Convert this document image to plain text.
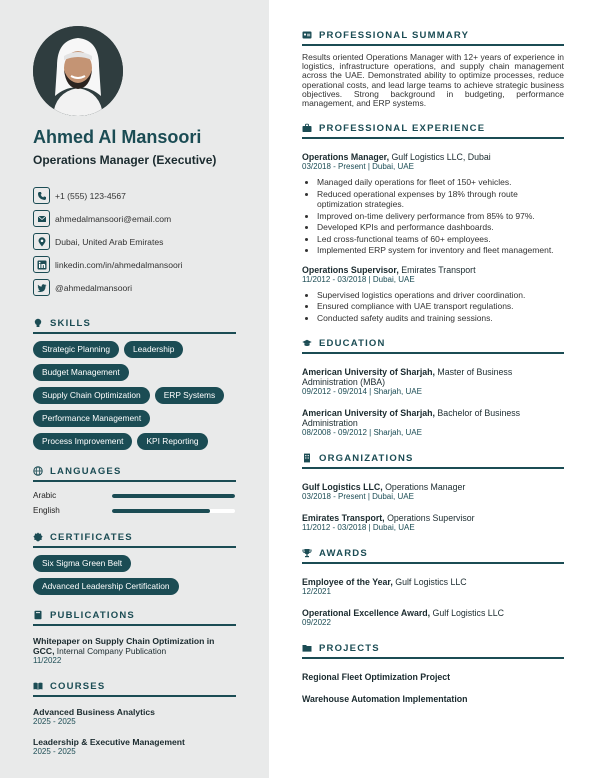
Ahmed Al Mansoori
Operations Manager (Executive)
+1 (555) 123-4567
ahmedalmansoori@email.com
Dubai, United Arab Emirates
linkedin.com/in/ahmedalmansoori
@ahmedalmansoori
SKILLS
Strategic Planning	Leadership
Budget Management
Supply Chain Optimization	ERP Systems
Performance Management
Process Improvement	KPI Reporting
LANGUAGES
Arabic
English
CERTIFICATES
Six Sigma Green Belt
Advanced Leadership Certification
PUBLICATIONS
Whitepaper on Supply Chain Optimization in GCC, Internal Company Publication
11/2022
COURSES
Advanced Business Analytics
2025 - 2025
Leadership & Executive Management
2025 - 2025
PROFESSIONAL SUMMARY
Results oriented Operations Manager with 12+ years of experience in logistics, infrastructure operations, and supply chain management across the UAE. Demonstrated ability to optimize processes, reduce operational costs, and lead large teams to achieve strategic business objectives. Strong background in budgeting, performance management, and ERP systems.
PROFESSIONAL EXPERIENCE
Operations Manager, Gulf Logistics LLC, Dubai
03/2018 - Present | Dubai, UAE
• Managed daily operations for fleet of 150+ vehicles.
• Reduced operational expenses by 18% through route optimization strategies.
• Improved on-time delivery performance from 85% to 97%.
• Developed KPIs and performance dashboards.
• Led cross-functional teams of 60+ employees.
• Implemented ERP system for inventory and fleet management.
Operations Supervisor, Emirates Transport
11/2012 - 03/2018 | Dubai, UAE
• Supervised logistics operations and driver coordination.
• Ensured compliance with UAE transport regulations.
• Conducted safety audits and training sessions.
EDUCATION
American University of Sharjah, Master of Business Administration (MBA)
09/2012 - 09/2014 | Sharjah, UAE
American University of Sharjah, Bachelor of Business Administration
08/2008 - 09/2012 | Sharjah, UAE
ORGANIZATIONS
Gulf Logistics LLC, Operations Manager
03/2018 - Present | Dubai, UAE
Emirates Transport, Operations Supervisor
11/2012 - 03/2018 | Dubai, UAE
AWARDS
Employee of the Year, Gulf Logistics LLC
12/2021
Operational Excellence Award, Gulf Logistics LLC
09/2022
PROJECTS
Regional Fleet Optimization Project
Warehouse Automation Implementation
